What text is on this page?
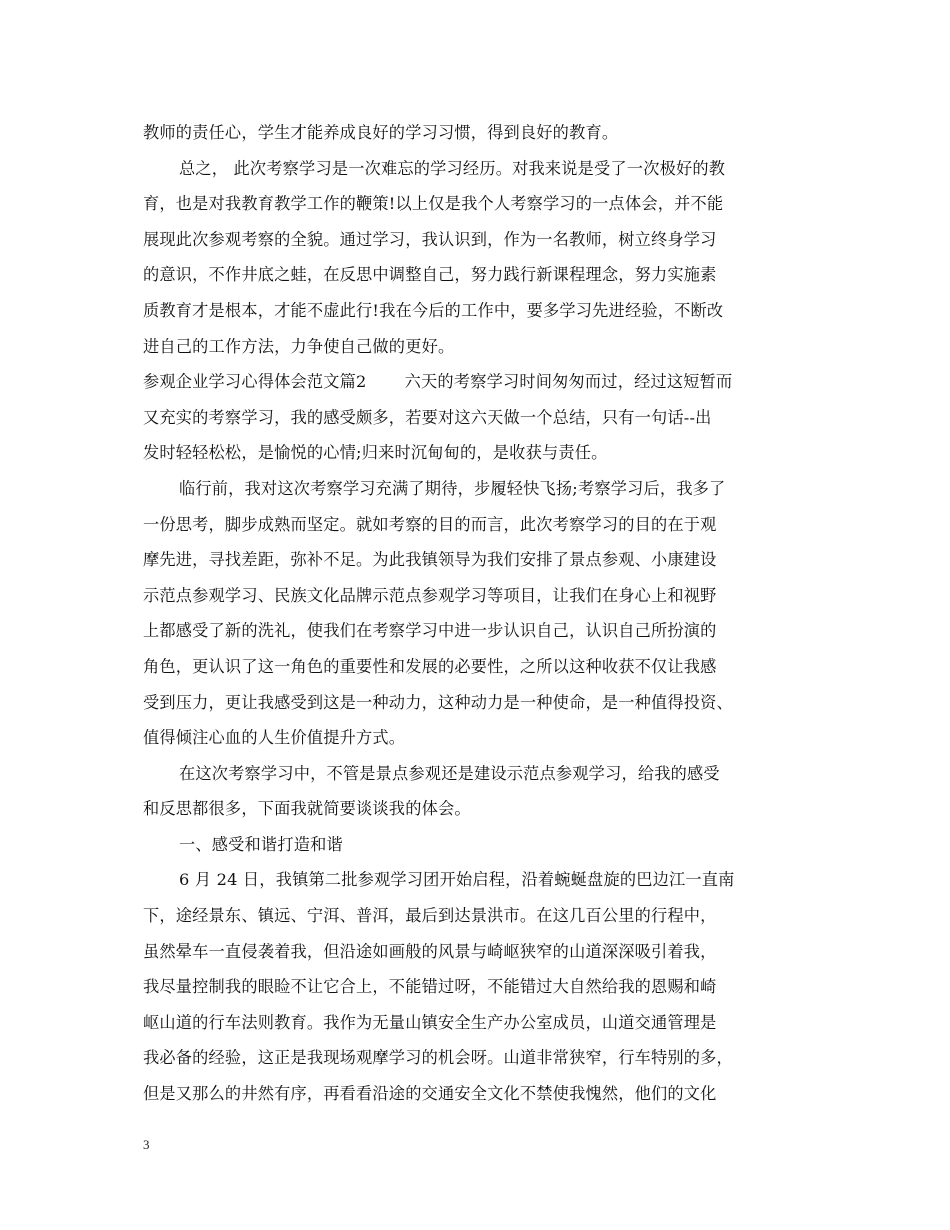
教师的责任心，学生才能养成良好的学习习惯，得到良好的教育。
总之， 此次考察学习是一次难忘的学习经历。对我来说是受了一次极好的教
育，也是对我教育教学工作的鞭策!以上仅是我个人考察学习的一点体会，并不能
展现此次参观考察的全貌。通过学习，我认识到，作为一名教师，树立终身学习
的意识，不作井底之蛙，在反思中调整自己，努力践行新课程理念，努力实施素
质教育才是根本，才能不虚此行!我在今后的工作中，要多学习先进经验，不断改
进自己的工作方法，力争使自己做的更好。
参观企业学习心得体会范文篇2　　 六天的考察学习时间匆匆而过，经过这短暂而
又充实的考察学习，我的感受颇多，若要对这六天做一个总结，只有一句话--出
发时轻轻松松，是愉悦的心情;归来时沉甸甸的，是收获与责任。
临行前，我对这次考察学习充满了期待，步履轻快飞扬;考察学习后，我多了
一份思考，脚步成熟而坚定。就如考察的目的而言，此次考察学习的目的在于观
摩先进，寻找差距，弥补不足。为此我镇领导为我们安排了景点参观、小康建设
示范点参观学习、民族文化品牌示范点参观学习等项目，让我们在身心上和视野
上都感受了新的洗礼，使我们在考察学习中进一步认识自己，认识自己所扮演的
角色，更认识了这一角色的重要性和发展的必要性，之所以这种收获不仅让我感
受到压力，更让我感受到这是一种动力，这种动力是一种使命，是一种值得投资、
值得倾注心血的人生价值提升方式。
在这次考察学习中，不管是景点参观还是建设示范点参观学习，给我的感受
和反思都很多，下面我就简要谈谈我的体会。
一、感受和谐打造和谐
6 月 24 日，我镇第二批参观学习团开始启程，沿着蜿蜒盘旋的巴边江一直南
下，途经景东、镇远、宁洱、普洱，最后到达景洪市。在这几百公里的行程中，
虽然晕车一直侵袭着我，但沿途如画般的风景与崎岖狭窄的山道深深吸引着我，
我尽量控制我的眼睑不让它合上，不能错过呀，不能错过大自然给我的恩赐和崎
岖山道的行车法则教育。我作为无量山镇安全生产办公室成员，山道交通管理是
我必备的经验，这正是我现场观摩学习的机会呀。山道非常狭窄，行车特别的多，
但是又那么的井然有序，再看看沿途的交通安全文化不禁使我愧然，他们的文化
3
